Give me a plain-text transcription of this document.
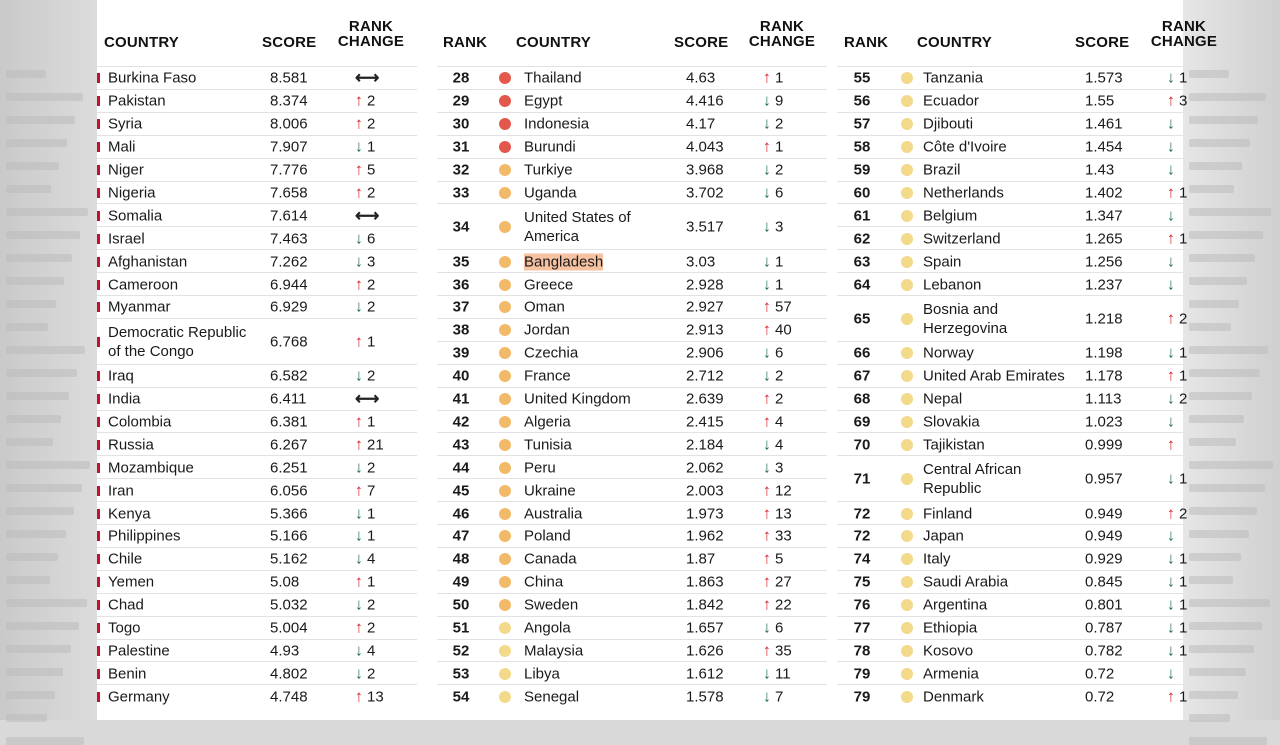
COUNTRY	SCORE
RANK
CHANGE
Burkina Faso	8.581	⟷
Pakistan	8.374	↑ 2
Syria	8.006	↑ 2
Mali	7.907	↓ 1
Niger	7.776	↑ 5
Nigeria	7.658	↑ 2
Somalia	7.614	⟷
Israel	7.463	↓ 6
Afghanistan	7.262	↓ 3
Cameroon	6.944	↑ 2
Myanmar	6.929	↓ 2
Democratic Republic of the Congo
6.768	↑ 1
Iraq	6.582	↓ 2
India	6.411	⟷
Colombia	6.381	↑ 1
Russia	6.267	↑ 21
Mozambique	6.251	↓ 2
Iran	6.056	↑ 7
Kenya	5.366	↓ 1
Philippines	5.166	↓ 1
Chile	5.162	↓ 4
Yemen	5.08	↑ 1
Chad	5.032	↓ 2
Togo	5.004	↑ 2
Palestine	4.93	↓ 4
Benin	4.802	↓ 2
Germany	4.748	↑ 13
RANK COUNTRY	SCORE
RANK
CHANGE
28	Thailand	4.63	↑ 1
29	Egypt	4.416 ↓ 9
30	Indonesia	4.17	↓ 2
31	Burundi	4.043 ↑ 1
32	Turkiye	3.968 ↓ 2
33	Uganda	3.702 ↓ 6
34
United States of America
3.517 ↓ 3
35	Bangladesh	3.03	↓ 1
36	Greece	2.928 ↓ 1
37	Oman	2.927 ↑ 57
38	Jordan	2.913 ↑ 40
39	Czechia	2.906 ↓ 6
40	France	2.712 ↓ 2
41	United Kingdom	2.639 ↑ 2
42	Algeria	2.415 ↑ 4
43	Tunisia	2.184 ↓ 4
44	Peru	2.062 ↓ 3
45	Ukraine	2.003 ↑ 12
46	Australia	1.973 ↑ 13
47	Poland	1.962 ↑ 33
48	Canada	1.87	↑ 5
49	China	1.863 ↑ 27
50	Sweden	1.842 ↑ 22
51	Angola	1.657 ↓ 6
52	Malaysia	1.626 ↑ 35
53	Libya	1.612 ↓ 11
54	Senegal	1.578 ↓ 7
RANK COUNTRY	SCORE
RANK
CHANGE
55	Tanzania	1.573	↓ 1
56	Ecuador	1.55	↑ 3
57	Djibouti	1.461	↓
58	Côte d'Ivoire	1.454	↓
59	Brazil	1.43	↓
60	Netherlands	1.402	↑ 1
61	Belgium	1.347	↓
62	Switzerland	1.265	↑ 1
63	Spain	1.256	↓
64	Lebanon	1.237	↓
65
Bosnia and Herzegovina
1.218	↑ 2
66	Norway	1.198	↓ 1
67	United Arab Emirates	1.178	↑ 1
68	Nepal	1.113	↓ 2
69	Slovakia	1.023	↓
70	Tajikistan	0.999	↑
71
Central African Republic
0.957	↓ 1
72	Finland	0.949	↑ 2
72	Japan	0.949	↓
74	Italy	0.929	↓ 1
75	Saudi Arabia	0.845	↓ 1
76	Argentina	0.801	↓ 1
77	Ethiopia	0.787	↓ 1
78	Kosovo	0.782	↓ 1
79	Armenia	0.72	↓
79	Denmark	0.72	↑ 1
